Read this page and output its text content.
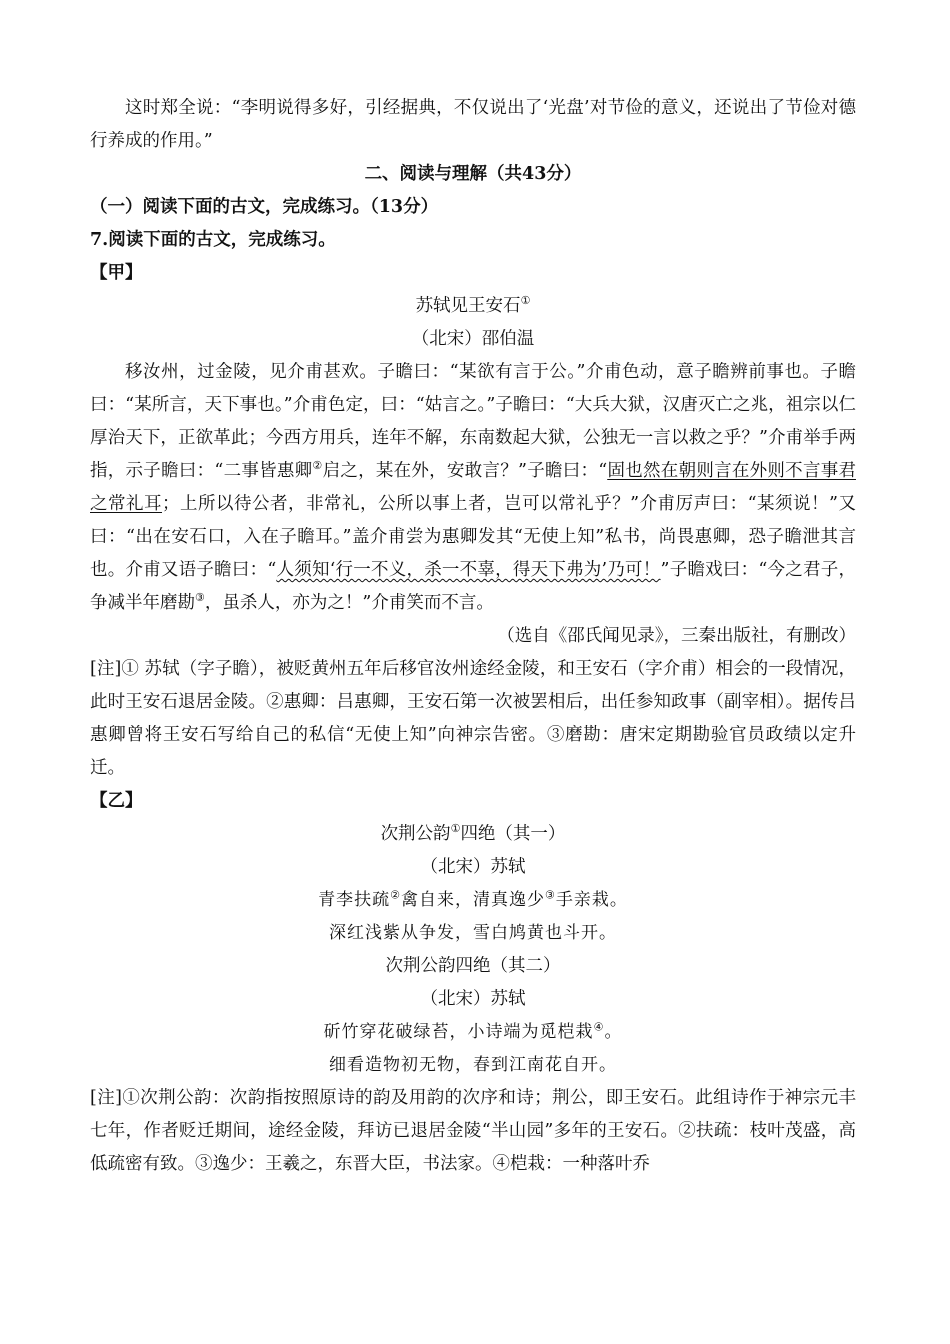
这时郑全说：“李明说得多好，引经据典，不仅说出了‘光盘’对节俭的意义，还说出了节俭对德行养成的作用。”
二、阅读与理解（共43分）
（一）阅读下面的古文，完成练习。（13分）
7.阅读下面的古文，完成练习。
【甲】
苏轼见王安石①
（北宋）邵伯温
移汝州，过金陵，见介甫甚欢。子瞻曰：“某欲有言于公。”介甫色动，意子瞻辨前事也。子瞻曰：“某所言，天下事也。”介甫色定，曰：“姑言之。”子瞻曰：“大兵大狱，汉唐灭亡之兆，祖宗以仁厚治天下，正欲革此；今西方用兵，连年不解，东南数起大狱，公独无一言以救之乎？”介甫举手两指，示子瞻曰：“二事皆惠卿②启之，某在外，安敢言？”子瞻曰：“固也然在朝则言在外则不言事君之常礼耳；上所以待公者，非常礼，公所以事上者，岂可以常礼乎？”介甫厉声曰：“某须说！”又曰：“出在安石口，入在子瞻耳。”盖介甫尝为惠卿发其“无使上知”私书，尚畏惠卿，恐子瞻泄其言也。介甫又语子瞻曰：“人须知‘行一不义，杀一不辜，得天下弗为’乃可！”子瞻戏曰：“今之君子，争减半年磨勘③，虽杀人，亦为之！”介甫笑而不言。
（选自《邵氏闻见录》，三秦出版社，有删改）
[注]① 苏轼（字子瞻），被贬黄州五年后移官汝州途经金陵，和王安石（字介甫）相会的一段情况，此时王安石退居金陵。②惠卿：吕惠卿，王安石第一次被罢相后，出任参知政事（副宰相）。据传吕惠卿曾将王安石写给自己的私信“无使上知”向神宗告密。③磨勘：唐宋定期勘验官员政绩以定升迁。
【乙】
次荆公韵①四绝（其一）
（北宋）苏轼
青李扶疏②禽自来，清真逸少③手亲栽。
深红浅紫从争发，雪白鸠黄也斗开。
次荆公韵四绝（其二）
（北宋）苏轼
斫竹穿花破绿苔，小诗端为觅桤栽④。
细看造物初无物，春到江南花自开。
[注]①次荆公韵：次韵指按照原诗的韵及用韵的次序和诗；荆公，即王安石。此组诗作于神宗元丰七年，作者贬迁期间，途经金陵，拜访已退居金陵“半山园”多年的王安石。②扶疏：枝叶茂盛，高低疏密有致。③逸少：王羲之，东晋大臣，书法家。④桤栽：一种落叶乔
